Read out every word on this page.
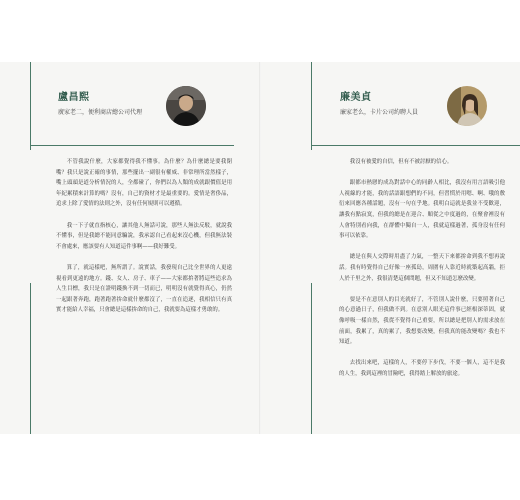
盧昌熙
廣家老二，便利商店總公司代理

不管我說什麼，大家都覺得我不懂事。為什麼？為什麼總是要我閉嘴？我只是說正確的事情，那些擺出一副很有權威、非常理所當然樣子，嘴上頭頭是道分析情況的人，全都碰了，你們以為人類的成就跟價值是用年紀累積來計算的嗎？沒有，自己的資材才是最重要的。愛情是奢侈品，追求上除了愛情的法則之外，沒有任何規則可以遵循。

我一下子就直指核心，讓其他人無話可說，那些人無法反駁，就說我不懂事，但是我總不能同意騙說，我承認自己看起來沒心機，但我無法裝不會處來，應該要有人知道這件事啊——我好難受。

算了，就這樣吧，無所謂了。說實話，我發現自己比全世界的人更遠視看到更遠的地方。錢、女人、房子、車子——大家都拚著將這些追求為人生目標，我只是在證明錢換不到一切而已，明明沒有就覺得真心，仍然一起跟著奔跑，跑著跑著拚命就什麼都沒了，一直在追逐，我相信只有真實才能給人幸福，只會總是這樣拚命的自己，我就要為這樣才勇敢的。

廉美貞
廉家老么，卡片公司約聘人員

我沒有被愛的自信，但有不被討厭的信心。

跟都市熱戀的成為對話中心的同齡人相比，我沒有用言語吸引他人視線的才能，我的話語跟想們的不同，但習慣於用嗯、啊、哦的敷衍來回應各種話題，沒有一句在乎地。我明白這就是我並不受歡迎，讓我有點寂寞，但我的總是在迎合、順從之中度過的，在聚會裡沒有人會特別看向我，在群體中獨自一人，我就這樣過著，孤身沒有任何事可以依靠。

總是在與人交際時用盡了力氣，一整天下來都拚命到我不想再說話。我有時覺得自己好像一座孤島，周圍有人靠近時就築起高牆，拒人於千里之外，我很清楚這個問題，但又不知道怎麼改變。

要是不在意別人的目光就好了，不管別人說什麼，只要照著自己的心意過日子，但我做不到。在意別人眼光這件事已經根深蒂固，就像呼吸一樣自然，我從不覺得自己重要，所以總是把別人的需求放在前面，我累了，真的累了，我想要改變，但我真的能改變嗎？我也不知道。

去找出來吧，這樣的人，不要停下步伐，不要一個人，這不是我的人生，我到這裡的冒險吧，我得踏上解放的旅途。
